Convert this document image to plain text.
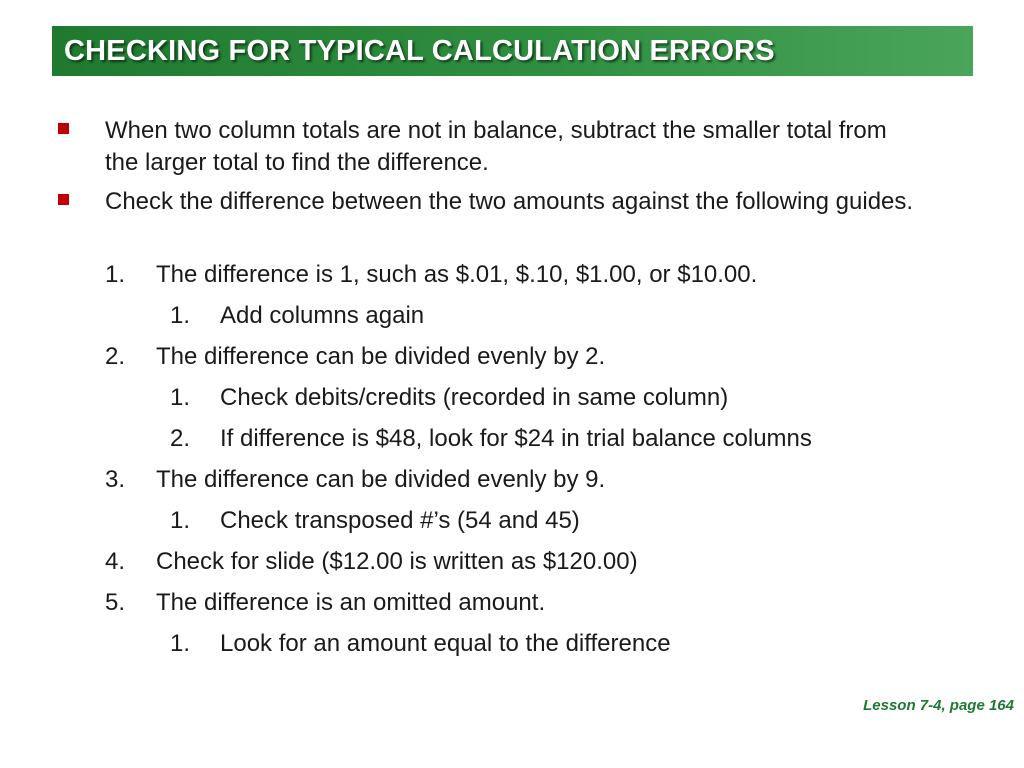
CHECKING FOR TYPICAL CALCULATION ERRORS
When two column totals are not in balance, subtract the smaller total from the larger total to find the difference.
Check the difference between the two amounts against the following guides.
1.	The difference is 1, such as $.01, $.10, $1.00, or $10.00.
1.	Add columns again
2.	The difference can be divided evenly by 2.
1.	Check debits/credits (recorded in same column)
2.	If difference is $48, look for $24 in trial balance columns
3.	The difference can be divided evenly by 9.
1.	Check transposed #’s (54 and 45)
4.	Check for slide ($12.00 is written as $120.00)
5.	The difference is an omitted amount.
1.	Look for an amount equal to the difference
Lesson 7-4, page 164
